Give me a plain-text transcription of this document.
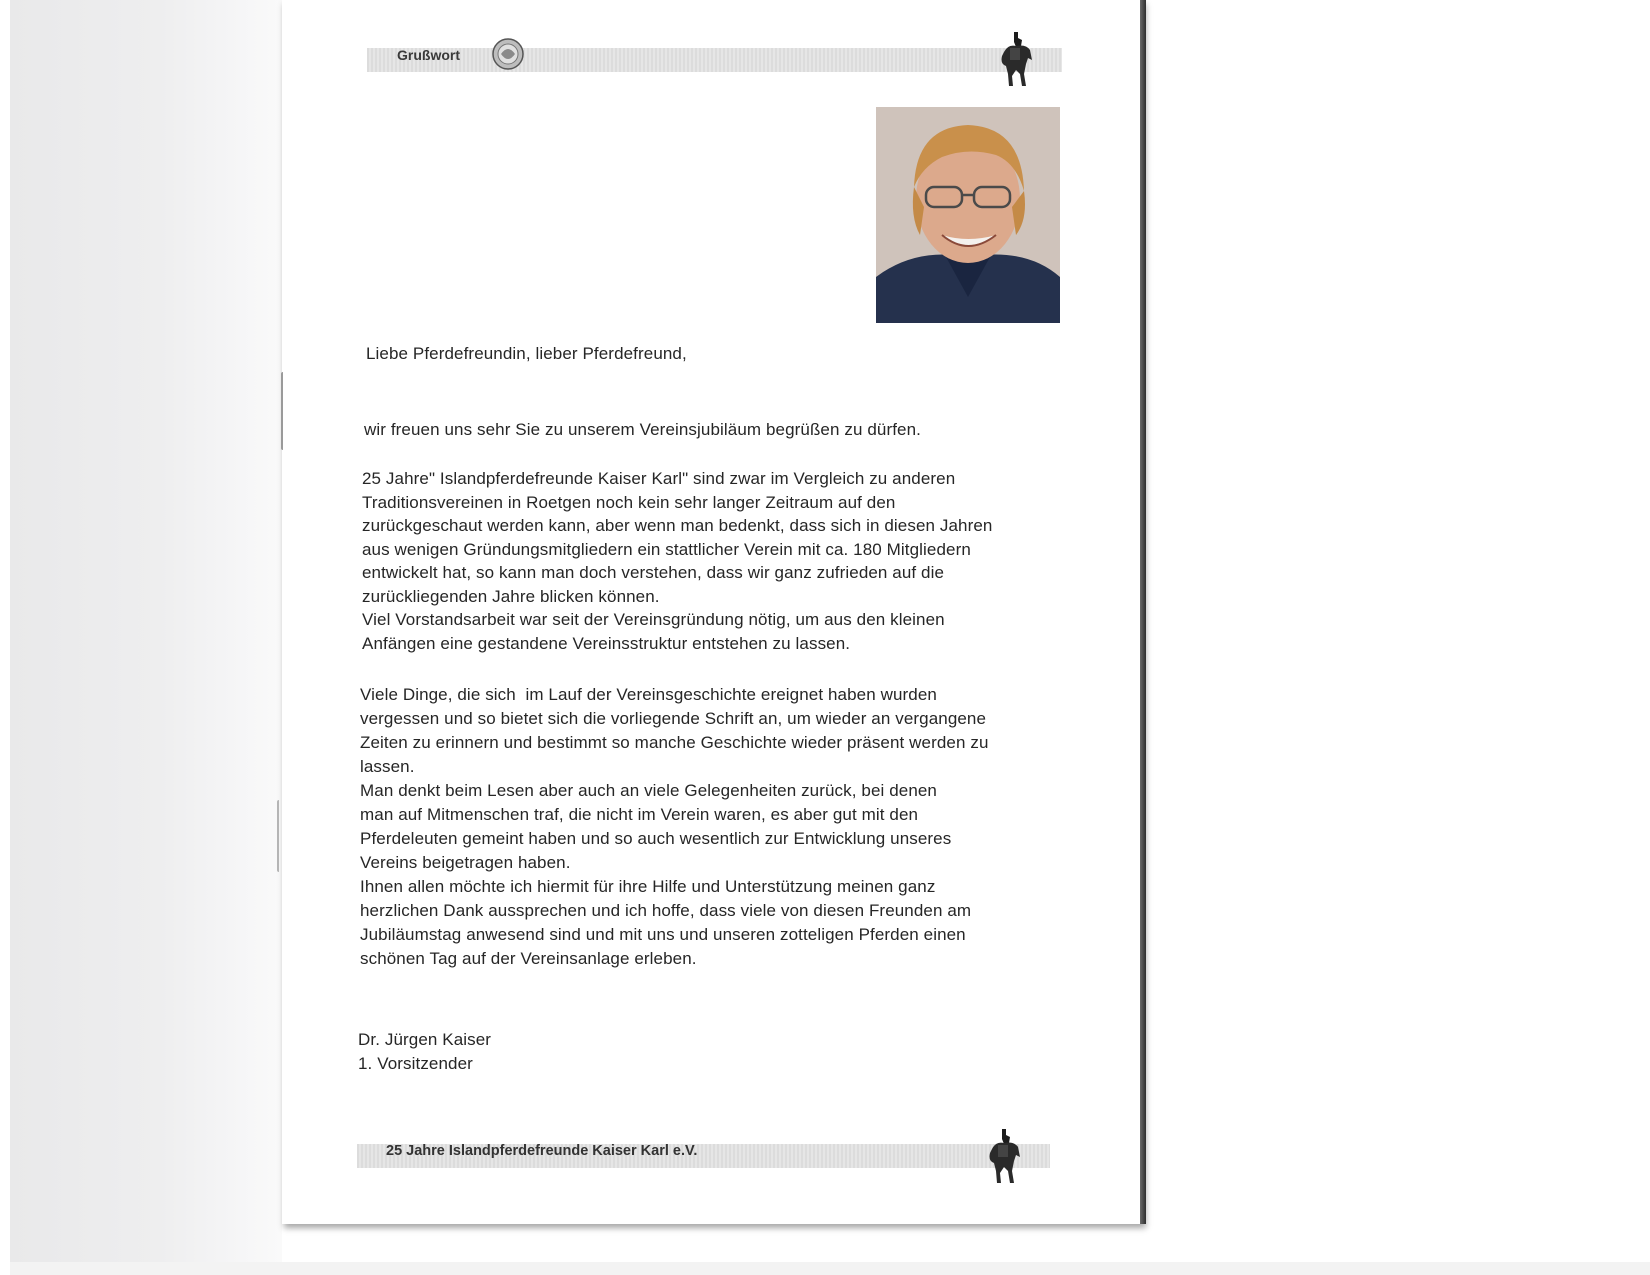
Grußwort
Liebe Pferdefreundin, lieber Pferdefreund,
wir freuen uns sehr Sie zu unserem Vereinsjubiläum begrüßen zu dürfen.
25 Jahre" Islandpferdefreunde Kaiser Karl" sind zwar im Vergleich zu anderen
Traditionsvereinen in Roetgen noch kein sehr langer Zeitraum auf den
zurückgeschaut werden kann, aber wenn man bedenkt, dass sich in diesen Jahren
aus wenigen Gründungsmitgliedern ein stattlicher Verein mit ca. 180 Mitgliedern
entwickelt hat, so kann man doch verstehen, dass wir ganz zufrieden auf die
zurückliegenden Jahre blicken können.
Viel Vorstandsarbeit war seit der Vereinsgründung nötig, um aus den kleinen
Anfängen eine gestandene Vereinsstruktur entstehen zu lassen.
Viele Dinge, die sich  im Lauf der Vereinsgeschichte ereignet haben wurden
vergessen und so bietet sich die vorliegende Schrift an, um wieder an vergangene
Zeiten zu erinnern und bestimmt so manche Geschichte wieder präsent werden zu
lassen.
Man denkt beim Lesen aber auch an viele Gelegenheiten zurück, bei denen
man auf Mitmenschen traf, die nicht im Verein waren, es aber gut mit den
Pferdeleuten gemeint haben und so auch wesentlich zur Entwicklung unseres
Vereins beigetragen haben.
Ihnen allen möchte ich hiermit für ihre Hilfe und Unterstützung meinen ganz
herzlichen Dank aussprechen und ich hoffe, dass viele von diesen Freunden am
Jubiläumstag anwesend sind und mit uns und unseren zotteligen Pferden einen
schönen Tag auf der Vereinsanlage erleben.
Dr. Jürgen Kaiser
1. Vorsitzender
25 Jahre Islandpferdefreunde Kaiser Karl e.V.
